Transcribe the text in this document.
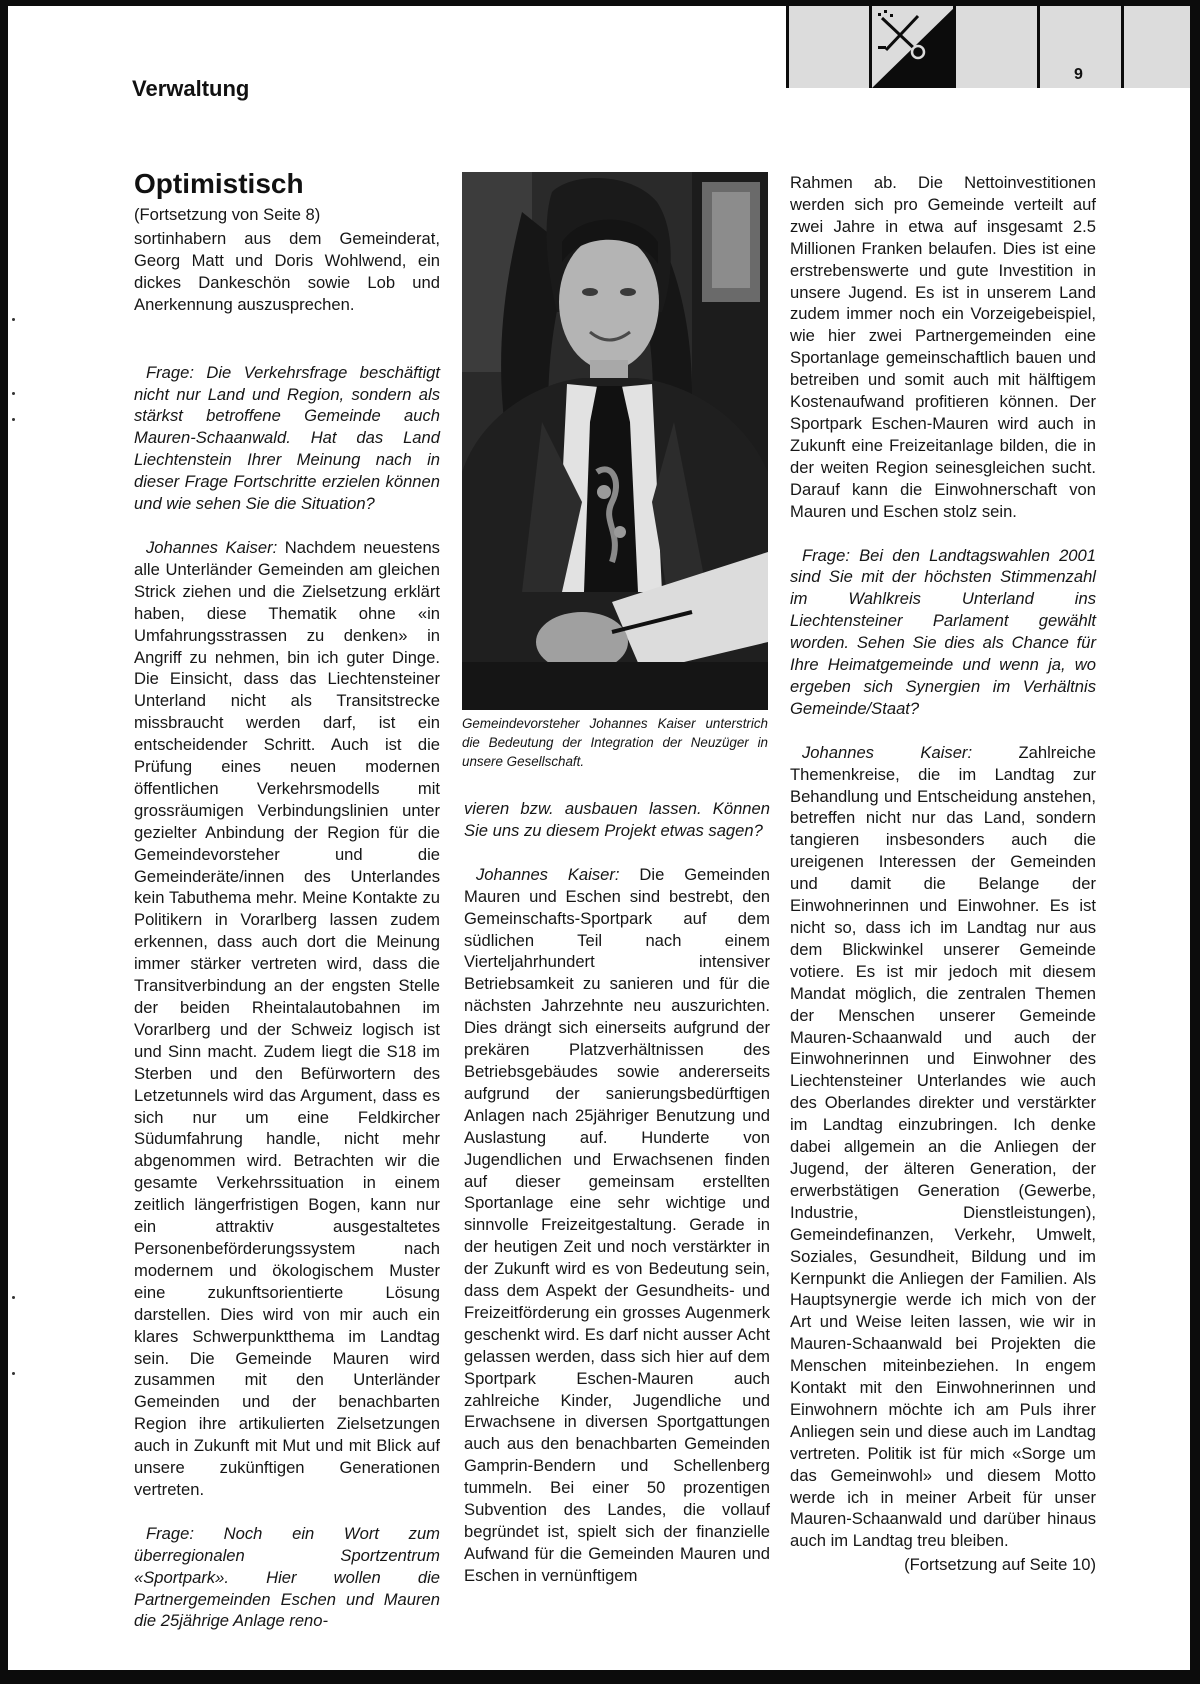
Verwaltung
9
Optimistisch
(Fortsetzung von Seite 8)

sortinhabern aus dem Gemeinderat, Georg Matt und Doris Wohlwend, ein dickes Dankeschön sowie Lob und Anerkennung auszusprechen.

Frage: Die Verkehrsfrage beschäftigt nicht nur Land und Region, sondern als stärkst betroffene Gemeinde auch Mauren-Schaanwald. Hat das Land Liechtenstein Ihrer Meinung nach in dieser Frage Fortschritte erzielen können und wie sehen Sie die Situation?

Johannes Kaiser: Nachdem neuestens alle Unterländer Gemeinden am gleichen Strick ziehen und die Zielsetzung erklärt haben, diese Thematik ohne «in Umfahrungsstrassen zu denken» in Angriff zu nehmen, bin ich guter Dinge. Die Einsicht, dass das Liechtensteiner Unterland nicht als Transitstrecke missbraucht werden darf, ist ein entscheidender Schritt. Auch ist die Prüfung eines neuen modernen öffentlichen Verkehrsmodells mit grossräumigen Verbindungslinien unter gezielter Anbindung der Region für die Gemeindevorsteher und die Gemeinderäte/innen des Unterlandes kein Tabuthema mehr. Meine Kontakte zu Politikern in Vorarlberg lassen zudem erkennen, dass auch dort die Meinung immer stärker vertreten wird, dass die Transitverbindung an der engsten Stelle der beiden Rheintalautobahnen im Vorarlberg und der Schweiz logisch ist und Sinn macht. Zudem liegt die S18 im Sterben und den Befürwortern des Letzetunnels wird das Argument, dass es sich nur um eine Feldkircher Südumfahrung handle, nicht mehr abgenommen wird. Betrachten wir die gesamte Verkehrssituation in einem zeitlich längerfristigen Bogen, kann nur ein attraktiv ausgestaltetes Personenbeförderungssystem nach modernem und ökologischem Muster eine zukunftsorientierte Lösung darstellen. Dies wird von mir auch ein klares Schwerpunktthema im Landtag sein. Die Gemeinde Mauren wird zusammen mit den Unterländer Gemeinden und der benachbarten Region ihre artikulierten Zielsetzungen auch in Zukunft mit Mut und mit Blick auf unsere zukünftigen Generationen vertreten.

Frage: Noch ein Wort zum überregionalen Sportzentrum «Sportpark». Hier wollen die Partnergemeinden Eschen und Mauren die 25jährige Anlage reno-

Gemeindevorsteher Johannes Kaiser unterstrich die Bedeutung der Integration der Neuzüger in unsere Gesellschaft.

vieren bzw. ausbauen lassen. Können Sie uns zu diesem Projekt etwas sagen?

Johannes Kaiser: Die Gemeinden Mauren und Eschen sind bestrebt, den Gemeinschafts-Sportpark auf dem südlichen Teil nach einem Vierteljahrhundert intensiver Betriebsamkeit zu sanieren und für die nächsten Jahrzehnte neu auszurichten. Dies drängt sich einerseits aufgrund der prekären Platzverhältnissen des Betriebsgebäudes sowie andererseits aufgrund der sanierungsbedürftigen Anlagen nach 25jähriger Benutzung und Auslastung auf. Hunderte von Jugendlichen und Erwachsenen finden auf dieser gemeinsam erstellten Sportanlage eine sehr wichtige und sinnvolle Freizeitgestaltung. Gerade in der heutigen Zeit und noch verstärkter in der Zukunft wird es von Bedeutung sein, dass dem Aspekt der Gesundheits- und Freizeitförderung ein grosses Augenmerk geschenkt wird. Es darf nicht ausser Acht gelassen werden, dass sich hier auf dem Sportpark Eschen-Mauren auch zahlreiche Kinder, Jugendliche und Erwachsene in diversen Sportgattungen auch aus den benachbarten Gemeinden Gamprin-Bendern und Schellenberg tummeln. Bei einer 50 prozentigen Subvention des Landes, die vollauf begründet ist, spielt sich der finanzielle Aufwand für die Gemeinden Mauren und Eschen in vernünftigem

Rahmen ab. Die Nettoinvestitionen werden sich pro Gemeinde verteilt auf zwei Jahre in etwa auf insgesamt 2.5 Millionen Franken belaufen. Dies ist eine erstrebenswerte und gute Investition in unsere Jugend. Es ist in unserem Land zudem immer noch ein Vorzeigebeispiel, wie hier zwei Partnergemeinden eine Sportanlage gemeinschaftlich bauen und betreiben und somit auch mit hälftigem Kostenaufwand profitieren können. Der Sportpark Eschen-Mauren wird auch in Zukunft eine Freizeitanlage bilden, die in der weiten Region seinesgleichen sucht. Darauf kann die Einwohnerschaft von Mauren und Eschen stolz sein.

Frage: Bei den Landtagswahlen 2001 sind Sie mit der höchsten Stimmenzahl im Wahlkreis Unterland ins Liechtensteiner Parlament gewählt worden. Sehen Sie dies als Chance für Ihre Heimatgemeinde und wenn ja, wo ergeben sich Synergien im Verhältnis Gemeinde/Staat?

Johannes Kaiser: Zahlreiche Themenkreise, die im Landtag zur Behandlung und Entscheidung anstehen, betreffen nicht nur das Land, sondern tangieren insbesonders auch die ureigenen Interessen der Gemeinden und damit die Belange der Einwohnerinnen und Einwohner. Es ist nicht so, dass ich im Landtag nur aus dem Blickwinkel unserer Gemeinde votiere. Es ist mir jedoch mit diesem Mandat möglich, die zentralen Themen der Menschen unserer Gemeinde Mauren-Schaanwald und auch der Einwohnerinnen und Einwohner des Liechtensteiner Unterlandes wie auch des Oberlandes direkter und verstärkter im Landtag einzubringen. Ich denke dabei allgemein an die Anliegen der Jugend, der älteren Generation, der erwerbstätigen Generation (Gewerbe, Industrie, Dienstleistungen), Gemeindefinanzen, Verkehr, Umwelt, Soziales, Gesundheit, Bildung und im Kernpunkt die Anliegen der Familien. Als Hauptsynergie werde ich mich von der Art und Weise leiten lassen, wie wir in Mauren-Schaanwald bei Projekten die Menschen miteinbeziehen. In engem Kontakt mit den Einwohnerinnen und Einwohnern möchte ich am Puls ihrer Anliegen sein und diese auch im Landtag vertreten. Politik ist für mich «Sorge um das Gemeinwohl» und diesem Motto werde ich in meiner Arbeit für unser Mauren-Schaanwald und darüber hinaus auch im Landtag treu bleiben.

(Fortsetzung auf Seite 10)
